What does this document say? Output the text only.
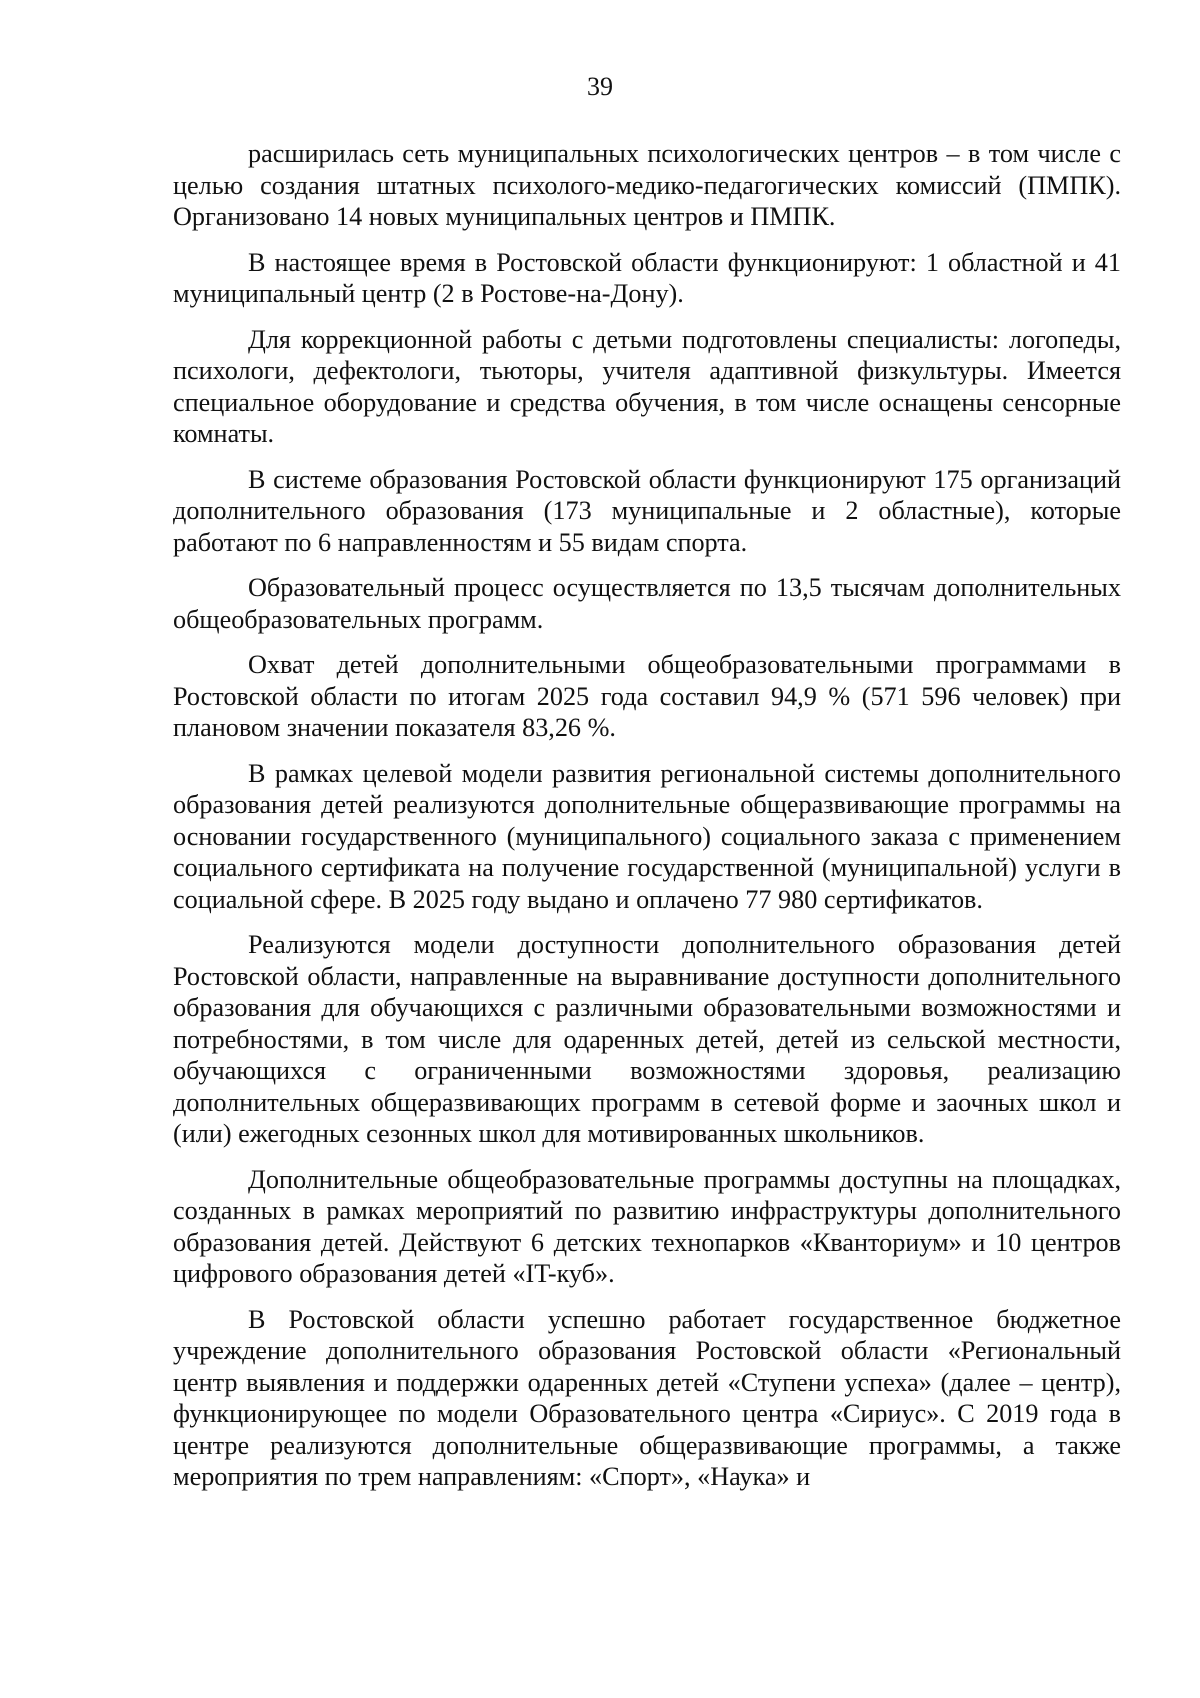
39

расширилась сеть муниципальных психологических центров – в том числе с целью создания штатных психолого-медико-педагогических комиссий (ПМПК). Организовано 14 новых муниципальных центров и ПМПК.

В настоящее время в Ростовской области функционируют: 1 областной и 41 муниципальный центр (2 в Ростове-на-Дону).

Для коррекционной работы с детьми подготовлены специалисты: логопеды, психологи, дефектологи, тьюторы, учителя адаптивной физкультуры. Имеется специальное оборудование и средства обучения, в том числе оснащены сенсорные комнаты.

В системе образования Ростовской области функционируют 175 организаций дополнительного образования (173 муниципальные и 2 областные), которые работают по 6 направленностям и 55 видам спорта.

Образовательный процесс осуществляется по 13,5 тысячам дополнительных общеобразовательных программ.

Охват детей дополнительными общеобразовательными программами в Ростовской области по итогам 2025 года составил 94,9 % (571 596 человек) при плановом значении показателя 83,26 %.

В рамках целевой модели развития региональной системы дополнительного образования детей реализуются дополнительные общеразвивающие программы на основании государственного (муниципального) социального заказа с применением социального сертификата на получение государственной (муниципальной) услуги в социальной сфере. В 2025 году выдано и оплачено 77 980 сертификатов.

Реализуются модели доступности дополнительного образования детей Ростовской области, направленные на выравнивание доступности дополнительного образования для обучающихся с различными образовательными возможностями и потребностями, в том числе для одаренных детей, детей из сельской местности, обучающихся с ограниченными возможностями здоровья, реализацию дополнительных общеразвивающих программ в сетевой форме и заочных школ и (или) ежегодных сезонных школ для мотивированных школьников.

Дополнительные общеобразовательные программы доступны на площадках, созданных в рамках мероприятий по развитию инфраструктуры дополнительного образования детей. Действуют 6 детских технопарков «Кванториум» и 10 центров цифрового образования детей «IT-куб».

В Ростовской области успешно работает государственное бюджетное учреждение дополнительного образования Ростовской области «Региональный центр выявления и поддержки одаренных детей «Ступени успеха» (далее – центр), функционирующее по модели Образовательного центра «Сириус». С 2019 года в центре реализуются дополнительные общеразвивающие программы, а также мероприятия по трем направлениям: «Спорт», «Наука» и
